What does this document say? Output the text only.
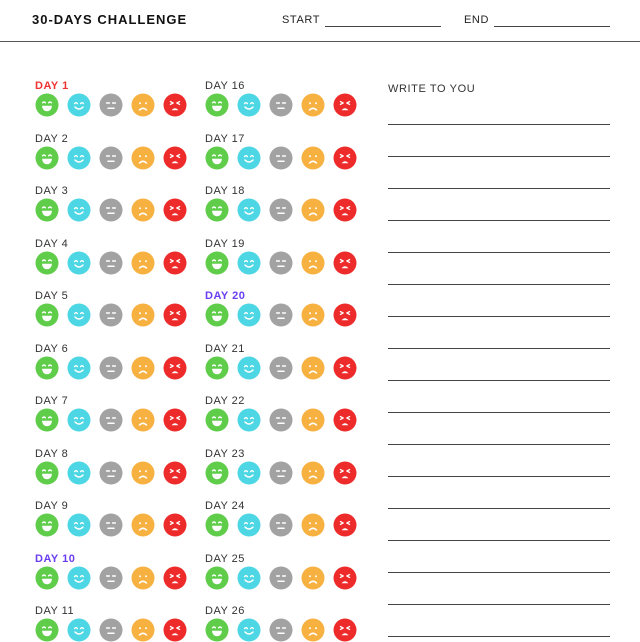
30-DAYS CHALLENGE	START	END
DAY 1
DAY 2
DAY 3
DAY 4
DAY 5
DAY 6
DAY 7
DAY 8
DAY 9
DAY 10
DAY 11
DAY 16
DAY 17
DAY 18
DAY 19
DAY 20
DAY 21
DAY 22
DAY 23
DAY 24
DAY 25
DAY 26
WRITE TO YOU
